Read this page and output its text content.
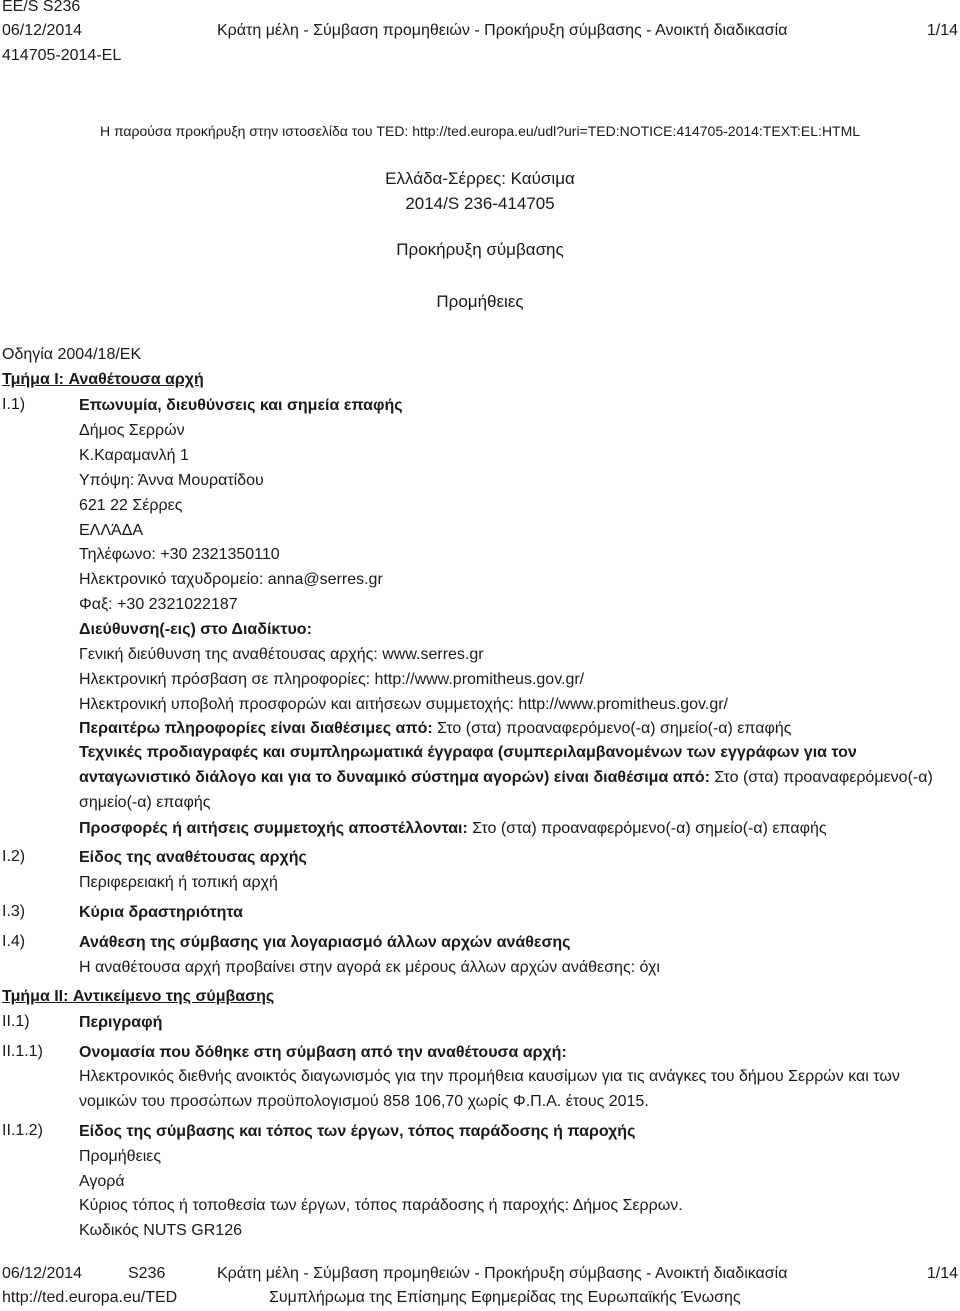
EE/S S236
06/12/2014
414705-2014-EL
Κράτη μέλη - Σύμβαση προμηθειών - Προκήρυξη σύμβασης - Ανοικτή διαδικασία	1/14
Η παρούσα προκήρυξη στην ιστοσελίδα του TED: http://ted.europa.eu/udl?uri=TED:NOTICE:414705-2014:TEXT:EL:HTML
Ελλάδα-Σέρρες: Καύσιμα
2014/S 236-414705
Προκήρυξη σύμβασης
Προμήθειες
Οδηγία 2004/18/ΕΚ
Τμήμα I: Αναθέτουσα αρχή
I.1)	Επωνυμία, διευθύνσεις και σημεία επαφής
Δήμος Σερρών
Κ.Καραμανλή 1
Υπόψη: Άννα Μουρατίδου
621 22 Σέρρες
ΕΛΛΆΔΑ
Τηλέφωνο: +30 2321350110
Ηλεκτρονικό ταχυδρομείο: anna@serres.gr
Φαξ: +30 2321022187
Διεύθυνση(-εις) στο Διαδίκτυο:
Γενική διεύθυνση της αναθέτουσας αρχής: www.serres.gr
Ηλεκτρονική πρόσβαση σε πληροφορίες: http://www.promitheus.gov.gr/
Ηλεκτρονική υποβολή προσφορών και αιτήσεων συμμετοχής: http://www.promitheus.gov.gr/
Περαιτέρω πληροφορίες είναι διαθέσιμες από: Στο (στα) προαναφερόμενο(-α) σημείο(-α) επαφής
Τεχνικές προδιαγραφές και συμπληρωματικά έγγραφα (συμπεριλαμβανομένων των εγγράφων για τον ανταγωνιστικό διάλογο και για το δυναμικό σύστημα αγορών) είναι διαθέσιμα από: Στο (στα) προαναφερόμενο(-α) σημείο(-α) επαφής
Προσφορές ή αιτήσεις συμμετοχής αποστέλλονται: Στο (στα) προαναφερόμενο(-α) σημείο(-α) επαφής
I.2)	Είδος της αναθέτουσας αρχής
Περιφερειακή ή τοπική αρχή
I.3)	Κύρια δραστηριότητα
I.4)	Ανάθεση της σύμβασης για λογαριασμό άλλων αρχών ανάθεσης
Η αναθέτουσα αρχή προβαίνει στην αγορά εκ μέρους άλλων αρχών ανάθεσης: όχι
Τμήμα II: Αντικείμενο της σύμβασης
II.1)	Περιγραφή
II.1.1) Ονομασία που δόθηκε στη σύμβαση από την αναθέτουσα αρχή:
Ηλεκτρονικός διεθνής ανοικτός διαγωνισμός για την προμήθεια καυσίμων για τις ανάγκες του δήμου Σερρών και των νομικών του προσώπων προϋπολογισμού 858 106,70 χωρίς Φ.Π.Α. έτους 2015.
II.1.2) Είδος της σύμβασης και τόπος των έργων, τόπος παράδοσης ή παροχής
Προμήθειες
Αγορά
Κύριος τόπος ή τοποθεσία των έργων, τόπος παράδοσης ή παροχής: Δήμος Σερρων.
Κωδικός NUTS GR126
06/12/2014	S236	Κράτη μέλη - Σύμβαση προμηθειών - Προκήρυξη σύμβασης - Ανοικτή διαδικασία	1/14
http://ted.europa.eu/TED	Συμπλήρωμα της Επίσημης Εφημερίδας της Ευρωπαϊκής Ένωσης
